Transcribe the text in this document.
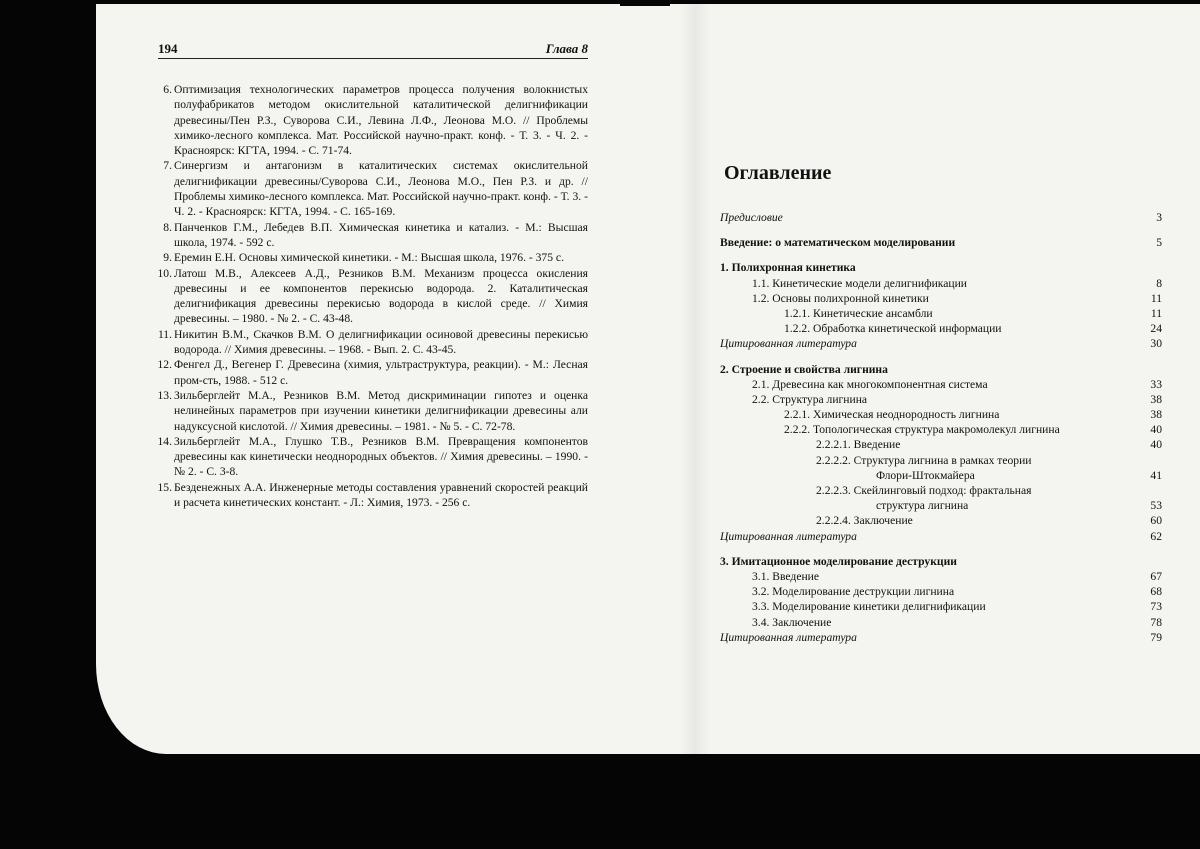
194	Глава 8
6. Оптимизация технологических параметров процесса получения волокнистых полуфабрикатов методом окислительной каталитической делигнификации древесины/Пен Р.З., Суворова С.И., Левина Л.Ф., Леонова М.О. // Проблемы химико-лесного комплекса. Мат. Российской научно-практ. конф. - Т. 3. - Ч. 2. - Красноярск: КГТА, 1994. - С. 71-74.
7. Синергизм и антагонизм в каталитических системах окислительной делигнификации древесины/Суворова С.И., Леонова М.О., Пен Р.З. и др. // Проблемы химико-лесного комплекса. Мат. Российской научно-практ. конф. - Т. 3. - Ч. 2. - Красноярск: КГТА, 1994. - С. 165-169.
8. Панченков Г.М., Лебедев В.П. Химическая кинетика и катализ. - М.: Высшая школа, 1974. - 592 с.
9. Еремин Е.Н. Основы химической кинетики. - М.: Высшая школа, 1976. - 375 с.
10. Латош М.В., Алексеев А.Д., Резников В.М. Механизм процесса окисления древесины и ее компонентов перекисью водорода. 2. Каталитическая делигнификация древесины перекисью водорода в кислой среде. // Химия древесины. – 1980. - № 2. - С. 43-48.
11. Никитин В.М., Скачков В.М. О делигнификации осиновой древесины перекисью водорода. // Химия древесины. – 1968. - Вып. 2. С. 43-45.
12. Фенгел Д., Вегенер Г. Древесина (химия, ультраструктура, реакции). - М.: Лесная пром-сть, 1988. - 512 с.
13. Зильберглейт М.А., Резников В.М. Метод дискриминации гипотез и оценка нелинейных параметров при изучении кинетики делигнификации древесины али надуксусной кислотой. // Химия древесины. – 1981. - № 5. - С. 72-78.
14. Зильберглейт М.А., Глушко Т.В., Резников В.М. Превращения компонентов древесины как кинетически неоднородных объектов. // Химия древесины. – 1990. - № 2. - С. 3-8.
15. Безденежных А.А. Инженерные методы составления уравнений скоростей реакций и расчета кинетических констант. - Л.: Химия, 1973. - 256 с.
Оглавление
Предисловие	3
Введение: о математическом моделировании	5
1. Полихронная кинетика
1.1. Кинетические модели делигнификации	8
1.2. Основы полихронной кинетики	11
1.2.1. Кинетические ансамбли	11
1.2.2. Обработка кинетической информации	24
Цитированная литература	30
2. Строение и свойства лигнина
2.1. Древесина как многокомпонентная система	33
2.2. Структура лигнина	38
2.2.1. Химическая неоднородность лигнина	38
2.2.2. Топологическая структура макромолекул лигнина	40
2.2.2.1. Введение	40
2.2.2.2. Структура лигнина в рамках теории
Флори-Штокмайера	41
2.2.2.3. Скейлинговый подход: фрактальная
структура лигнина	53
2.2.2.4. Заключение	60
Цитированная литература	62
3. Имитационное моделирование деструкции
3.1. Введение	67
3.2. Моделирование деструкции лигнина	68
3.3. Моделирование кинетики делигнификации	73
3.4. Заключение	78
Цитированная литература	79
